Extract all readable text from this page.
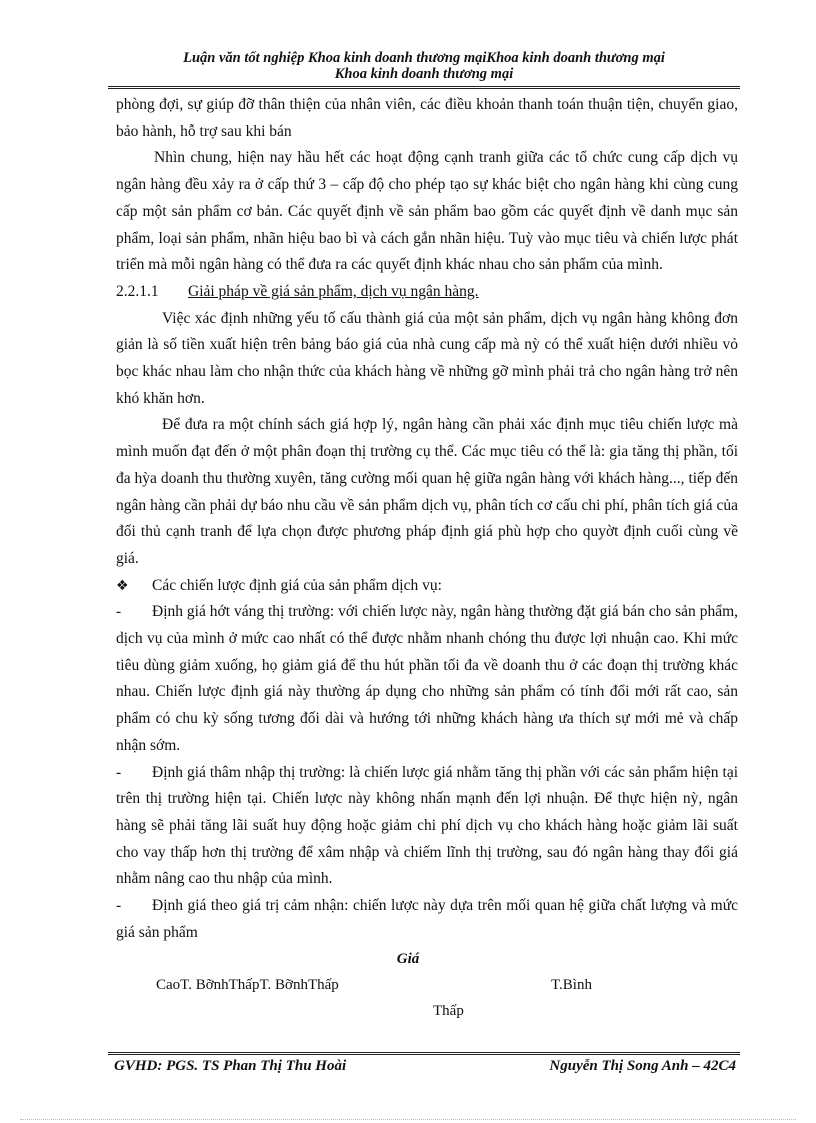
Luận văn tốt nghiệp Khoa kinh doanh thương mạiKhoa kinh doanh thương mại
Khoa kinh doanh thương mại

phòng đợi, sự giúp đỡ thân thiện của nhân viên, các điều khoản thanh toán thuận tiện, chuyển giao, bảo hành, hỗ trợ sau khi bán

Nhìn chung, hiện nay hầu hết các hoạt động cạnh tranh giữa các tổ chức cung cấp dịch vụ ngân hàng đều xảy ra ở cấp thứ 3 – cấp độ cho phép tạo sự khác biệt cho ngân hàng khi cùng cung cấp một sản phẩm cơ bản. Các quyết định về sản phẩm bao gồm các quyết định về danh mục sản phẩm, loại sản phẩm, nhãn hiệu bao bì và cách gắn nhãn hiệu. Tuỳ vào mục tiêu và chiến lược phát triển mà mỗi ngân hàng có thể đưa ra các quyết định khác nhau cho sản phẩm của mình.

2.2.1.1 Giải pháp về giá sản phẩm, dịch vụ ngân hàng.

Việc xác định những yếu tố cấu thành giá của một sản phẩm, dịch vụ ngân hàng không đơn giản là số tiền xuất hiện trên bảng báo giá của nhà cung cấp mà nỳ có thể xuất hiện dưới nhiều vỏ bọc khác nhau làm cho nhận thức của khách hàng về những gỡ mình phải trả cho ngân hàng trở nên khó khăn hơn.

Để đưa ra một chính sách giá hợp lý, ngân hàng cần phải xác định mục tiêu chiến lược mà mình muốn đạt đến ở một phân đoạn thị trường cụ thể. Các mục tiêu có thể là: gia tăng thị phần, tối đa hỳa doanh thu thường xuyên, tăng cường mối quan hệ giữa ngân hàng với khách hàng..., tiếp đến ngân hàng cần phải dự báo nhu cầu về sản phẩm dịch vụ, phân tích cơ cấu chi phí, phân tích giá của đối thủ cạnh tranh để lựa chọn được phương pháp định giá phù hợp cho quyờt định cuối cùng về giá.

❖ Các chiến lược định giá của sản phẩm dịch vụ:

- Định giá hớt váng thị trường: với chiến lược này, ngân hàng thường đặt giá bán cho sản phẩm, dịch vụ của mình ở mức cao nhất có thể được nhằm nhanh chóng thu được lợi nhuận cao. Khi mức tiêu dùng giảm xuống, họ giảm giá để thu hút phần tối đa về doanh thu ở các đoạn thị trường khác nhau. Chiến lược định giá này thường áp dụng cho những sản phẩm có tính đổi mới rất cao, sản phẩm có chu kỳ sống tương đối dài và hướng tới những khách hàng ưa thích sự mới mẻ và chấp nhận sớm.

- Định giá thâm nhập thị trường: là chiến lược giá nhằm tăng thị phần với các sản phẩm hiện tại trên thị trường hiện tại. Chiến lược này không nhấn mạnh đến lợi nhuận. Để thực hiện nỳ, ngân hàng sẽ phải tăng lãi suất huy động hoặc giảm chi phí dịch vụ cho khách hàng hoặc giảm lãi suất cho vay thấp hơn thị trường để xâm nhập và chiếm lĩnh thị trường, sau đó ngân hàng thay đổi giá nhằm nâng cao thu nhập của mình.

- Định giá theo giá trị cảm nhận: chiến lược này dựa trên mối quan hệ giữa chất lượng và mức giá sản phẩm

Giá
CaoT. BỡnhThấpT. BỡnhThấp	T.Bình
Thấp
GVHD: PGS. TS Phan Thị Thu Hoài	Nguyễn Thị Song Anh – 42C4
